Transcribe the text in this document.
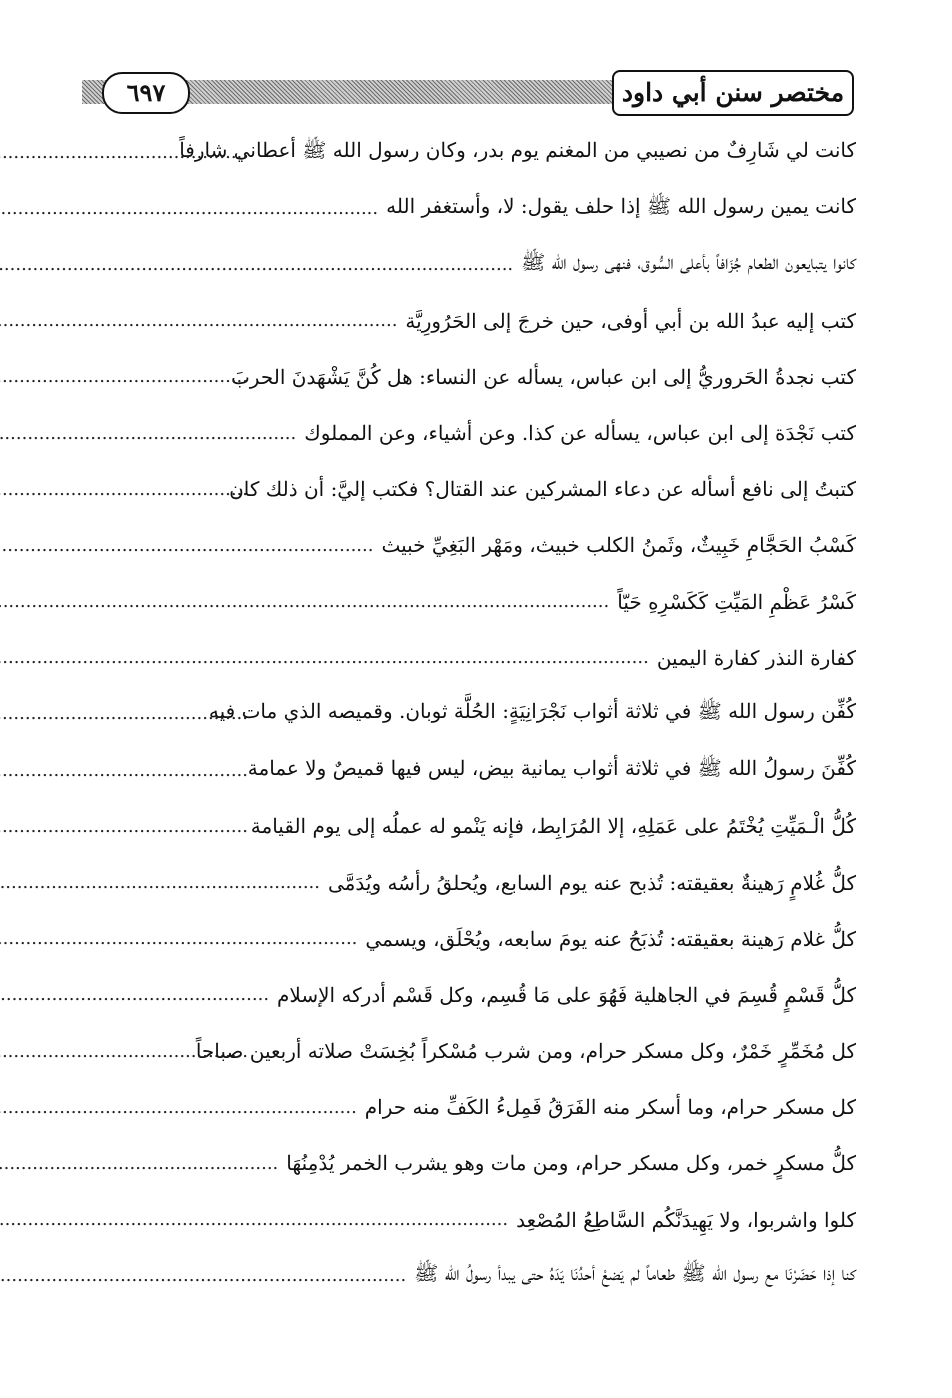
مختصر سنن أبي داود
٦٩٧
كانت لي شَارِفٌ من نصيبي من المغنم يوم بدر، وكان رسول الله ﷺ أعطاني شارفاً
.....
كانت يمين رسول الله ﷺ إذا حلف يقول: لا، وأستغفر الله
.....
كانوا يتبايعون الطعام جُزَافاً بأعلى السُّوق، فنهى رسول الله ﷺ
.....
كتب إليه عبدُ الله بن أبي أوفى، حين خرجَ إلى الحَرُورِيَّة
.....
كتب نجدةُ الحَروريُّ إلى ابن عباس، يسأله عن النساء: هل كُنَّ يَشْهَدنَ الحربَ
.....
كتب نَجْدَة إلى ابن عباس، يسأله عن كذا. وعن أشياء، وعن المملوك
.....
كتبتُ إلى نافع أسأله عن دعاء المشركين عند القتال؟ فكتب إليَّ: أن ذلك كان
.....
كَسْبُ الحَجَّامِ خَبِيثٌ، وثَمنُ الكلب خبيث، ومَهْر البَغِيِّ خبيث
.....
كَسْرُ عَظْمِ المَيِّتِ كَكَسْرِهِ حَيّاً
.....
كفارة النذر كفارة اليمين
.....
كُفِّن رسول الله ﷺ في ثلاثة أثواب نَجْرَانِيَةٍ: الحُلَّة ثوبان. وقميصه الذي مات فيه
.....
كُفِّنَ رسولُ الله ﷺ في ثلاثة أثواب يمانية بيض، ليس فيها قميصٌ ولا عمامة
.....
كُلُّ الْـمَيِّتِ يُخْتَمُ على عَمَلِهِ، إلا المُرَابِط، فإنه يَنْمو له عملُه إلى يوم القيامة
.....
كلُّ غُلامٍ رَهينةٌ بعقيقته: تُذبح عنه يوم السابع، ويُحلقُ رأسُه ويُدَمَّى
.....
كلُّ غلام رَهينة بعقيقته: تُذبَحُ عنه يومَ سابعه، ويُحْلَق، ويسمي
.....
كلُّ قَسْمٍ قُسِمَ في الجاهلية فَهُوَ على مَا قُسِم، وكل قَسْم أدركه الإسلام
.....
كل مُخَمِّرٍ خَمْرٌ، وكل مسكر حرام، ومن شرب مُسْكراً بُخِسَتْ صلاته أربعين صباحاً
.....
كل مسكر حرام، وما أسكر منه الفَرَقُ فَمِلءُ الكَفِّ منه حرام
.....
كلُّ مسكرٍ خمر، وكل مسكر حرام، ومن مات وهو يشرب الخمر يُدْمِنُهَا
.....
كلوا واشربوا، ولا يَهِيدَنَّكُم السَّاطِعُ المُصْعِد
.....
كنا إذا حَضَرْنَا مع رسول الله ﷺ طعاماً لم يَضعْ أحدُنَا يَدَهُ حتى يبدأ رسولُ الله ﷺ
.....
